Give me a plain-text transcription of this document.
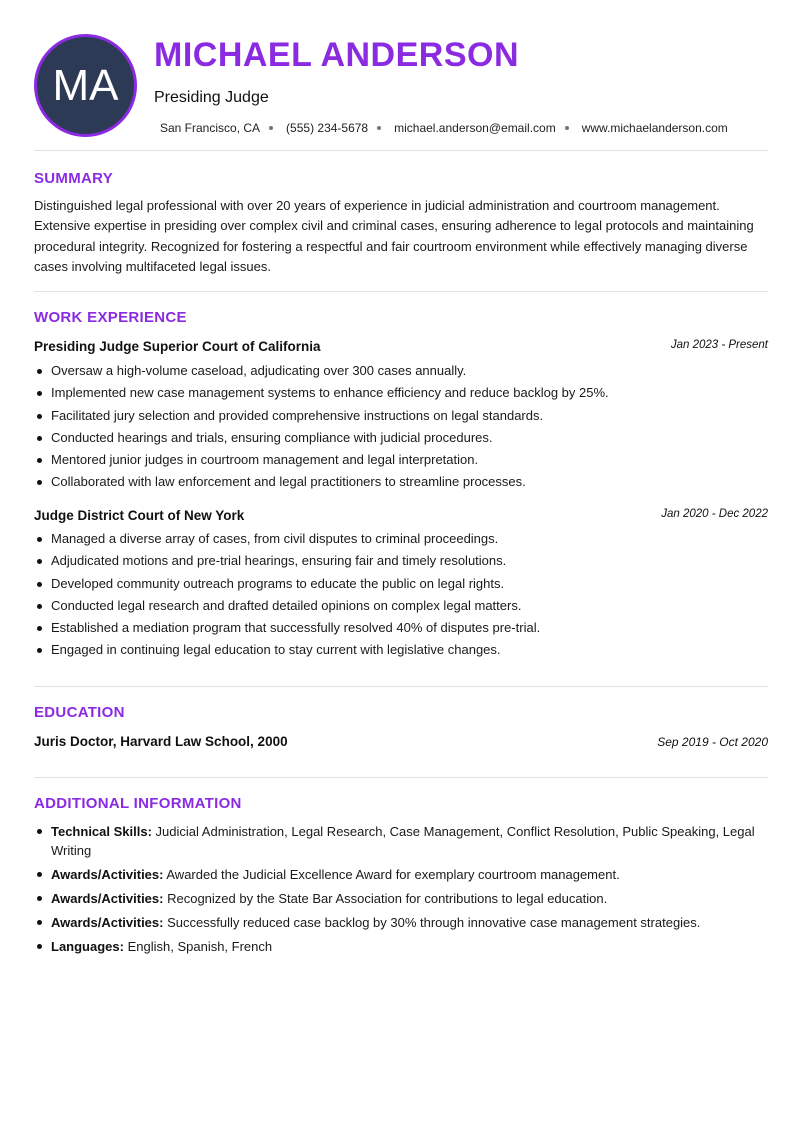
MA
MICHAEL ANDERSON
Presiding Judge
San Francisco, CA (555) 234-5678 michael.anderson@email.com www.michaelanderson.com
SUMMARY
Distinguished legal professional with over 20 years of experience in judicial administration and courtroom management. Extensive expertise in presiding over complex civil and criminal cases, ensuring adherence to legal protocols and maintaining procedural integrity. Recognized for fostering a respectful and fair courtroom environment while effectively managing diverse cases involving multifaceted legal issues.
WORK EXPERIENCE
Presiding Judge Superior Court of California	Jan 2023 - Present
Oversaw a high-volume caseload, adjudicating over 300 cases annually.
Implemented new case management systems to enhance efficiency and reduce backlog by 25%.
Facilitated jury selection and provided comprehensive instructions on legal standards.
Conducted hearings and trials, ensuring compliance with judicial procedures.
Mentored junior judges in courtroom management and legal interpretation.
Collaborated with law enforcement and legal practitioners to streamline processes.
Judge District Court of New York	Jan 2020 - Dec 2022
Managed a diverse array of cases, from civil disputes to criminal proceedings.
Adjudicated motions and pre-trial hearings, ensuring fair and timely resolutions.
Developed community outreach programs to educate the public on legal rights.
Conducted legal research and drafted detailed opinions on complex legal matters.
Established a mediation program that successfully resolved 40% of disputes pre-trial.
Engaged in continuing legal education to stay current with legislative changes.
EDUCATION
Juris Doctor, Harvard Law School, 2000	Sep 2019 - Oct 2020
ADDITIONAL INFORMATION
Technical Skills: Judicial Administration, Legal Research, Case Management, Conflict Resolution, Public Speaking, Legal Writing
Awards/Activities: Awarded the Judicial Excellence Award for exemplary courtroom management.
Awards/Activities: Recognized by the State Bar Association for contributions to legal education.
Awards/Activities: Successfully reduced case backlog by 30% through innovative case management strategies.
Languages: English, Spanish, French
